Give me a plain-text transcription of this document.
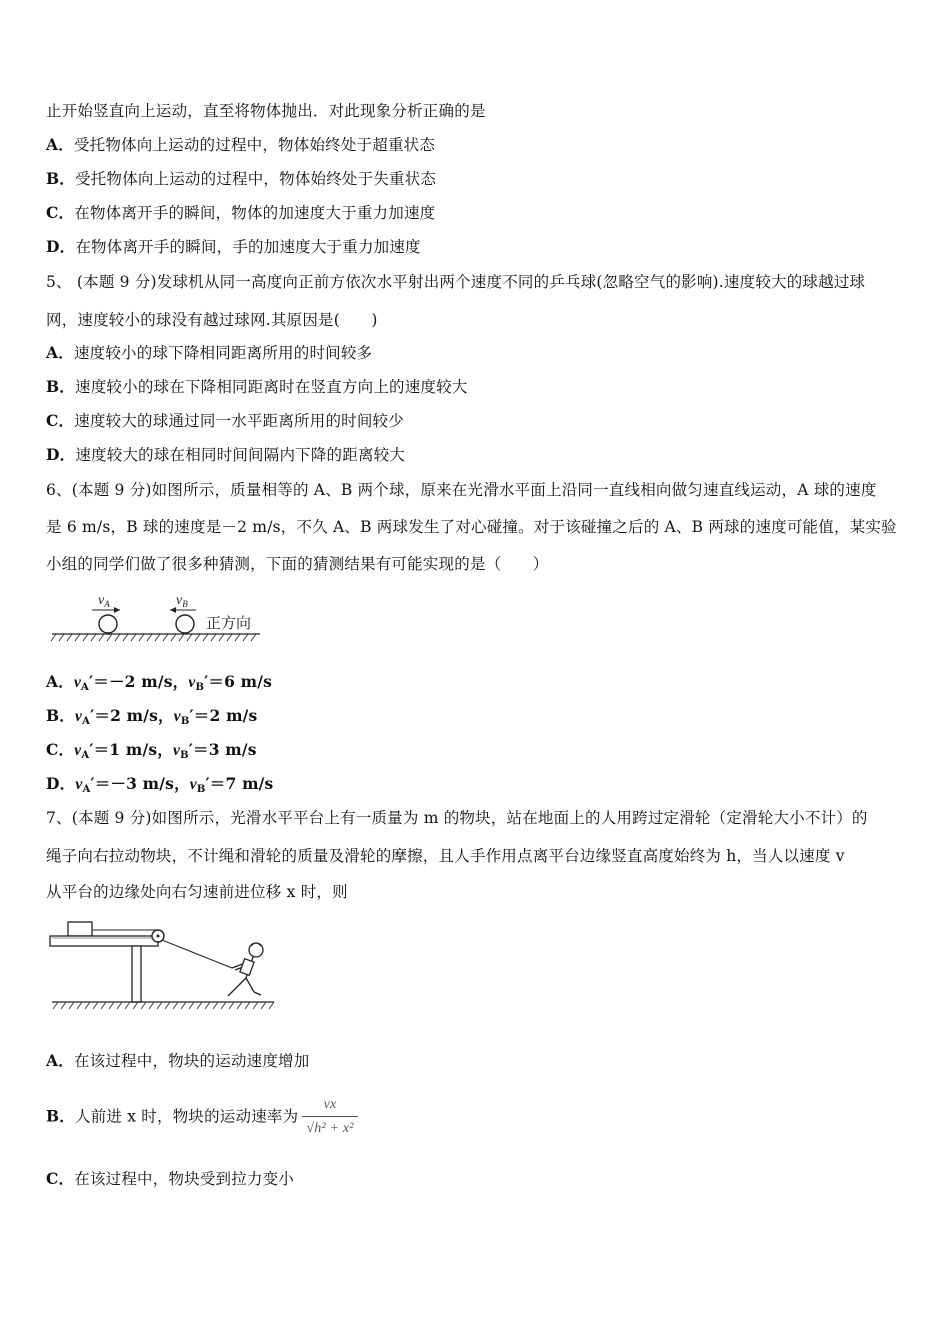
止开始竖直向上运动，直至将物体抛出．对此现象分析正确的是
A．受托物体向上运动的过程中，物体始终处于超重状态
B．受托物体向上运动的过程中，物体始终处于失重状态
C．在物体离开手的瞬间，物体的加速度大于重力加速度
D．在物体离开手的瞬间，手的加速度大于重力加速度
5、 (本题 9 分)发球机从同一高度向正前方依次水平射出两个速度不同的乒乓球(忽略空气的影响).速度较大的球越过球
网，速度较小的球没有越过球网.其原因是(　　)
A．速度较小的球下降相同距离所用的时间较多
B．速度较小的球在下降相同距离时在竖直方向上的速度较大
C．速度较大的球通过同一水平距离所用的时间较少
D．速度较大的球在相同时间间隔内下降的距离较大
6、(本题 9 分)如图所示，质量相等的 A、B 两个球，原来在光滑水平面上沿同一直线相向做匀速直线运动，A 球的速度
是 6 m/s，B 球的速度是－2 m/s，不久 A、B 两球发生了对心碰撞。对于该碰撞之后的 A、B 两球的速度可能值，某实验
小组的同学们做了很多种猜测，下面的猜测结果有可能实现的是（　　）
$v_A$	$v_B$
正方向
A．$v_A'=-2$ m/s，$v_B'=6$ m/s
B．$v_A'=2$ m/s，$v_B'=2$ m/s
C．$v_A'=1$ m/s，$v_B'=3$ m/s
D．$v_A'=-3$ m/s，$v_B'=7$ m/s
7、(本题 9 分)如图所示，光滑水平平台上有一质量为 m 的物块，站在地面上的人用跨过定滑轮（定滑轮大小不计）的
绳子向右拉动物块，不计绳和滑轮的质量及滑轮的摩擦，且人手作用点离平台边缘竖直高度始终为 h，当人以速度 v
从平台的边缘处向右匀速前进位移 x 时，则
A．在该过程中，物块的运动速度增加
B．人前进 x 时，物块的运动速率为 $\frac{vx}{\text{√h² + x²}}$
C．在该过程中，物块受到拉力变小
